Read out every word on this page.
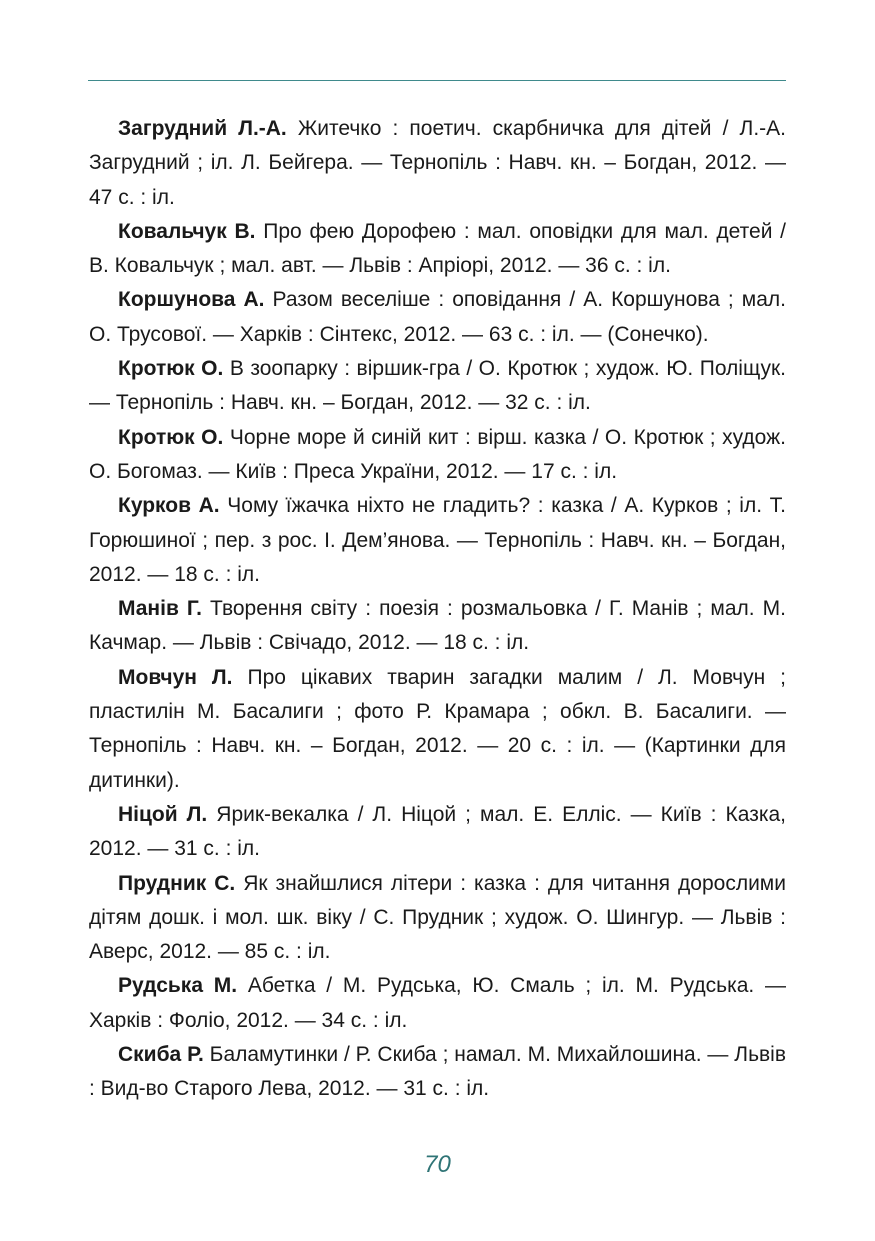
Загрудний Л.-А. Житечко : поетич. скарбничка для дітей / Л.-А. Загрудний ; іл. Л. Бейгера. — Тернопіль : Навч. кн. – Богдан, 2012. — 47 с. : іл.

Ковальчук В. Про фею Дорофею : мал. оповідки для мал. детей / В. Ковальчук ; мал. авт. — Львів : Апріорі, 2012. — 36 с. : іл.

Коршунова А. Разом веселіше : оповідання / А. Коршунова ; мал. О. Трусової. — Харків : Сінтекс, 2012. — 63 с. : іл. — (Сонечко).

Кротюк О. В зоопарку : віршик-гра / О. Кротюк ; худож. Ю. Поліщук. — Тернопіль : Навч. кн. – Богдан, 2012. — 32 с. : іл.

Кротюк О. Чорне море й синій кит : вірш. казка / О. Кротюк ; худож. О. Богомаз. — Київ : Преса України, 2012. — 17 с. : іл.

Курков А. Чому їжачка ніхто не гладить? : казка / А. Курков ; іл. Т. Горюшиної ; пер. з рос. І. Дем’янова. — Тернопіль : Навч. кн. – Богдан, 2012. — 18 с. : іл.

Манів Г. Творення світу : поезія : розмальовка / Г. Манів ; мал. М. Качмар. — Львів : Свічадо, 2012. — 18 с. : іл.

Мовчун Л. Про цікавих тварин загадки малим / Л. Мовчун ; пластилін М. Басалиги ; фото Р. Крамара ; обкл. В. Басалиги. — Тернопіль : Навч. кн. – Богдан, 2012. — 20 с. : іл. — (Картинки для дитинки).

Ніцой Л. Ярик-векалка / Л. Ніцой ; мал. Е. Елліс. — Київ : Казка, 2012. — 31 с. : іл.

Прудник С. Як знайшлися літери : казка : для читання дорослими дітям дошк. і мол. шк. віку / С. Прудник ; худож. О. Шингур. — Львів : Аверс, 2012. — 85 с. : іл.

Рудська М. Абетка / М. Рудська, Ю. Смаль ; іл. М. Рудська. — Харків : Фоліо, 2012. — 34 с. : іл.

Скиба Р. Баламутинки / Р. Скиба ; намал. М. Михайлошина. — Львів : Вид-во Старого Лева, 2012. — 31 с. : іл.

70
